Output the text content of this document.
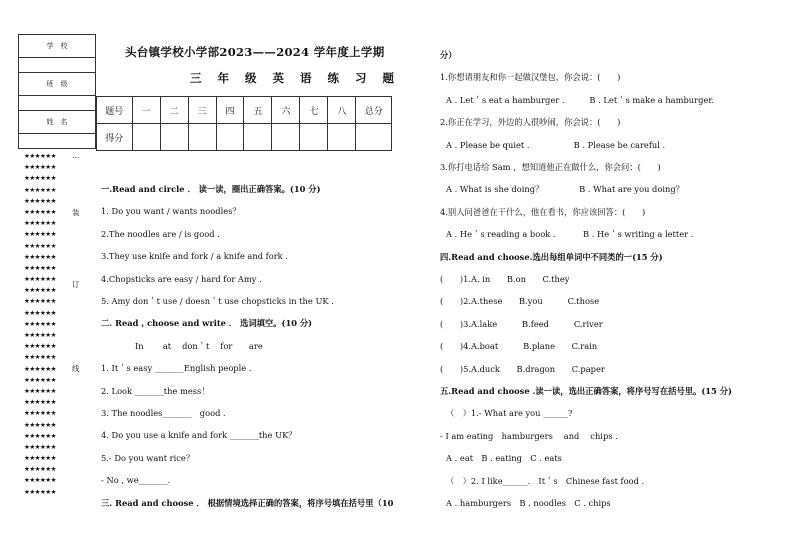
学　校

班　级

姓　名

★★★★★★
★★★★★★
★★★★★★
★★★★★★
★★★★★★
★★★★★★
★★★★★★
★★★★★★
★★★★★★
★★★★★★
★★★★★★
★★★★★★
★★★★★★
★★★★★★
★★★★★★
★★★★★★
★★★★★★
★★★★★★
★★★★★★
★★★★★★
★★★★★★
★★★★★★
★★★★★★
★★★★★★
★★★★★★
★★★★★★
★★★★★★
★★★★★★
★★★★★★
★★★★★★
★★★★★★
…
装
订
线
头台镇学校小学部2023——2024 学年度上学期
三 年 级 英 语 练 习 题
题号	一	二	三	四	五	六	七	八	总分
得分									
一.Read and circle ． 读一读，圈出正确答案。(10 分)
1. Do you want / wants noodles？
2.The noodles are / is good .
3.They use knife and fork / a knife and fork .
4.Chopsticks are easy / hard for Amy .
5. Amy don＇t use / doesn＇t use chopsticks in the UK .
二. Read , choose and write ． 选词填空。(10 分)
In　　 at　 don＇t　 for　　are
1. It＇s easy _______English people .
2. Look _______the mess！
3. The noodles_______　good .
4. Do you use a knife and fork _______the UK？
5.- Do you want rice？
- No , we_______.
三. Read and choose ． 根据情境选择正确的答案，将序号填在括号里（10
分）
1.你想请朋友和你一起做汉堡包，你会说：(　　)
A . Let＇s eat a hamburger .　　　B . Let＇s make a hamburger.
2.你正在学习，外边的人很吵闹，你会说：(　　)
A . Please be quiet .　　　　　 B . Please be careful .
3.你打电话给 Sam ，想知道他正在做什么，你会问：(　　)
A . What is she doing？　　　　 B . What are you doing？
4.别人问爸爸在干什么，他在看书，你应该回答：(　　)
A . He＇s reading a book .　　　 B . He＇s writing a letter .
四.Read and choose.选出每组单词中不同类的一(15 分)
(　　)1.A. in　　B.on　　C.they
(　　)2.A.these　　B.you　　　C.those
(　　)3.A.lake　　　B.feed　　　C.river
(　　)4.A.boat　　　B.plane　　C.rain
(　　)5.A.duck　　B.dragon　　C.paper
五.Read and choose .读一读，选出正确答案，将序号写在括号里。(15 分)
（　）1.- What are you ______?
- I am eating　hamburgers　 and　 chips .
A . eat　B . eating　C . eats
（　）2. I like______.　It＇s　Chinese fast food .
A . hamburgers　B . noodles　C . chips
